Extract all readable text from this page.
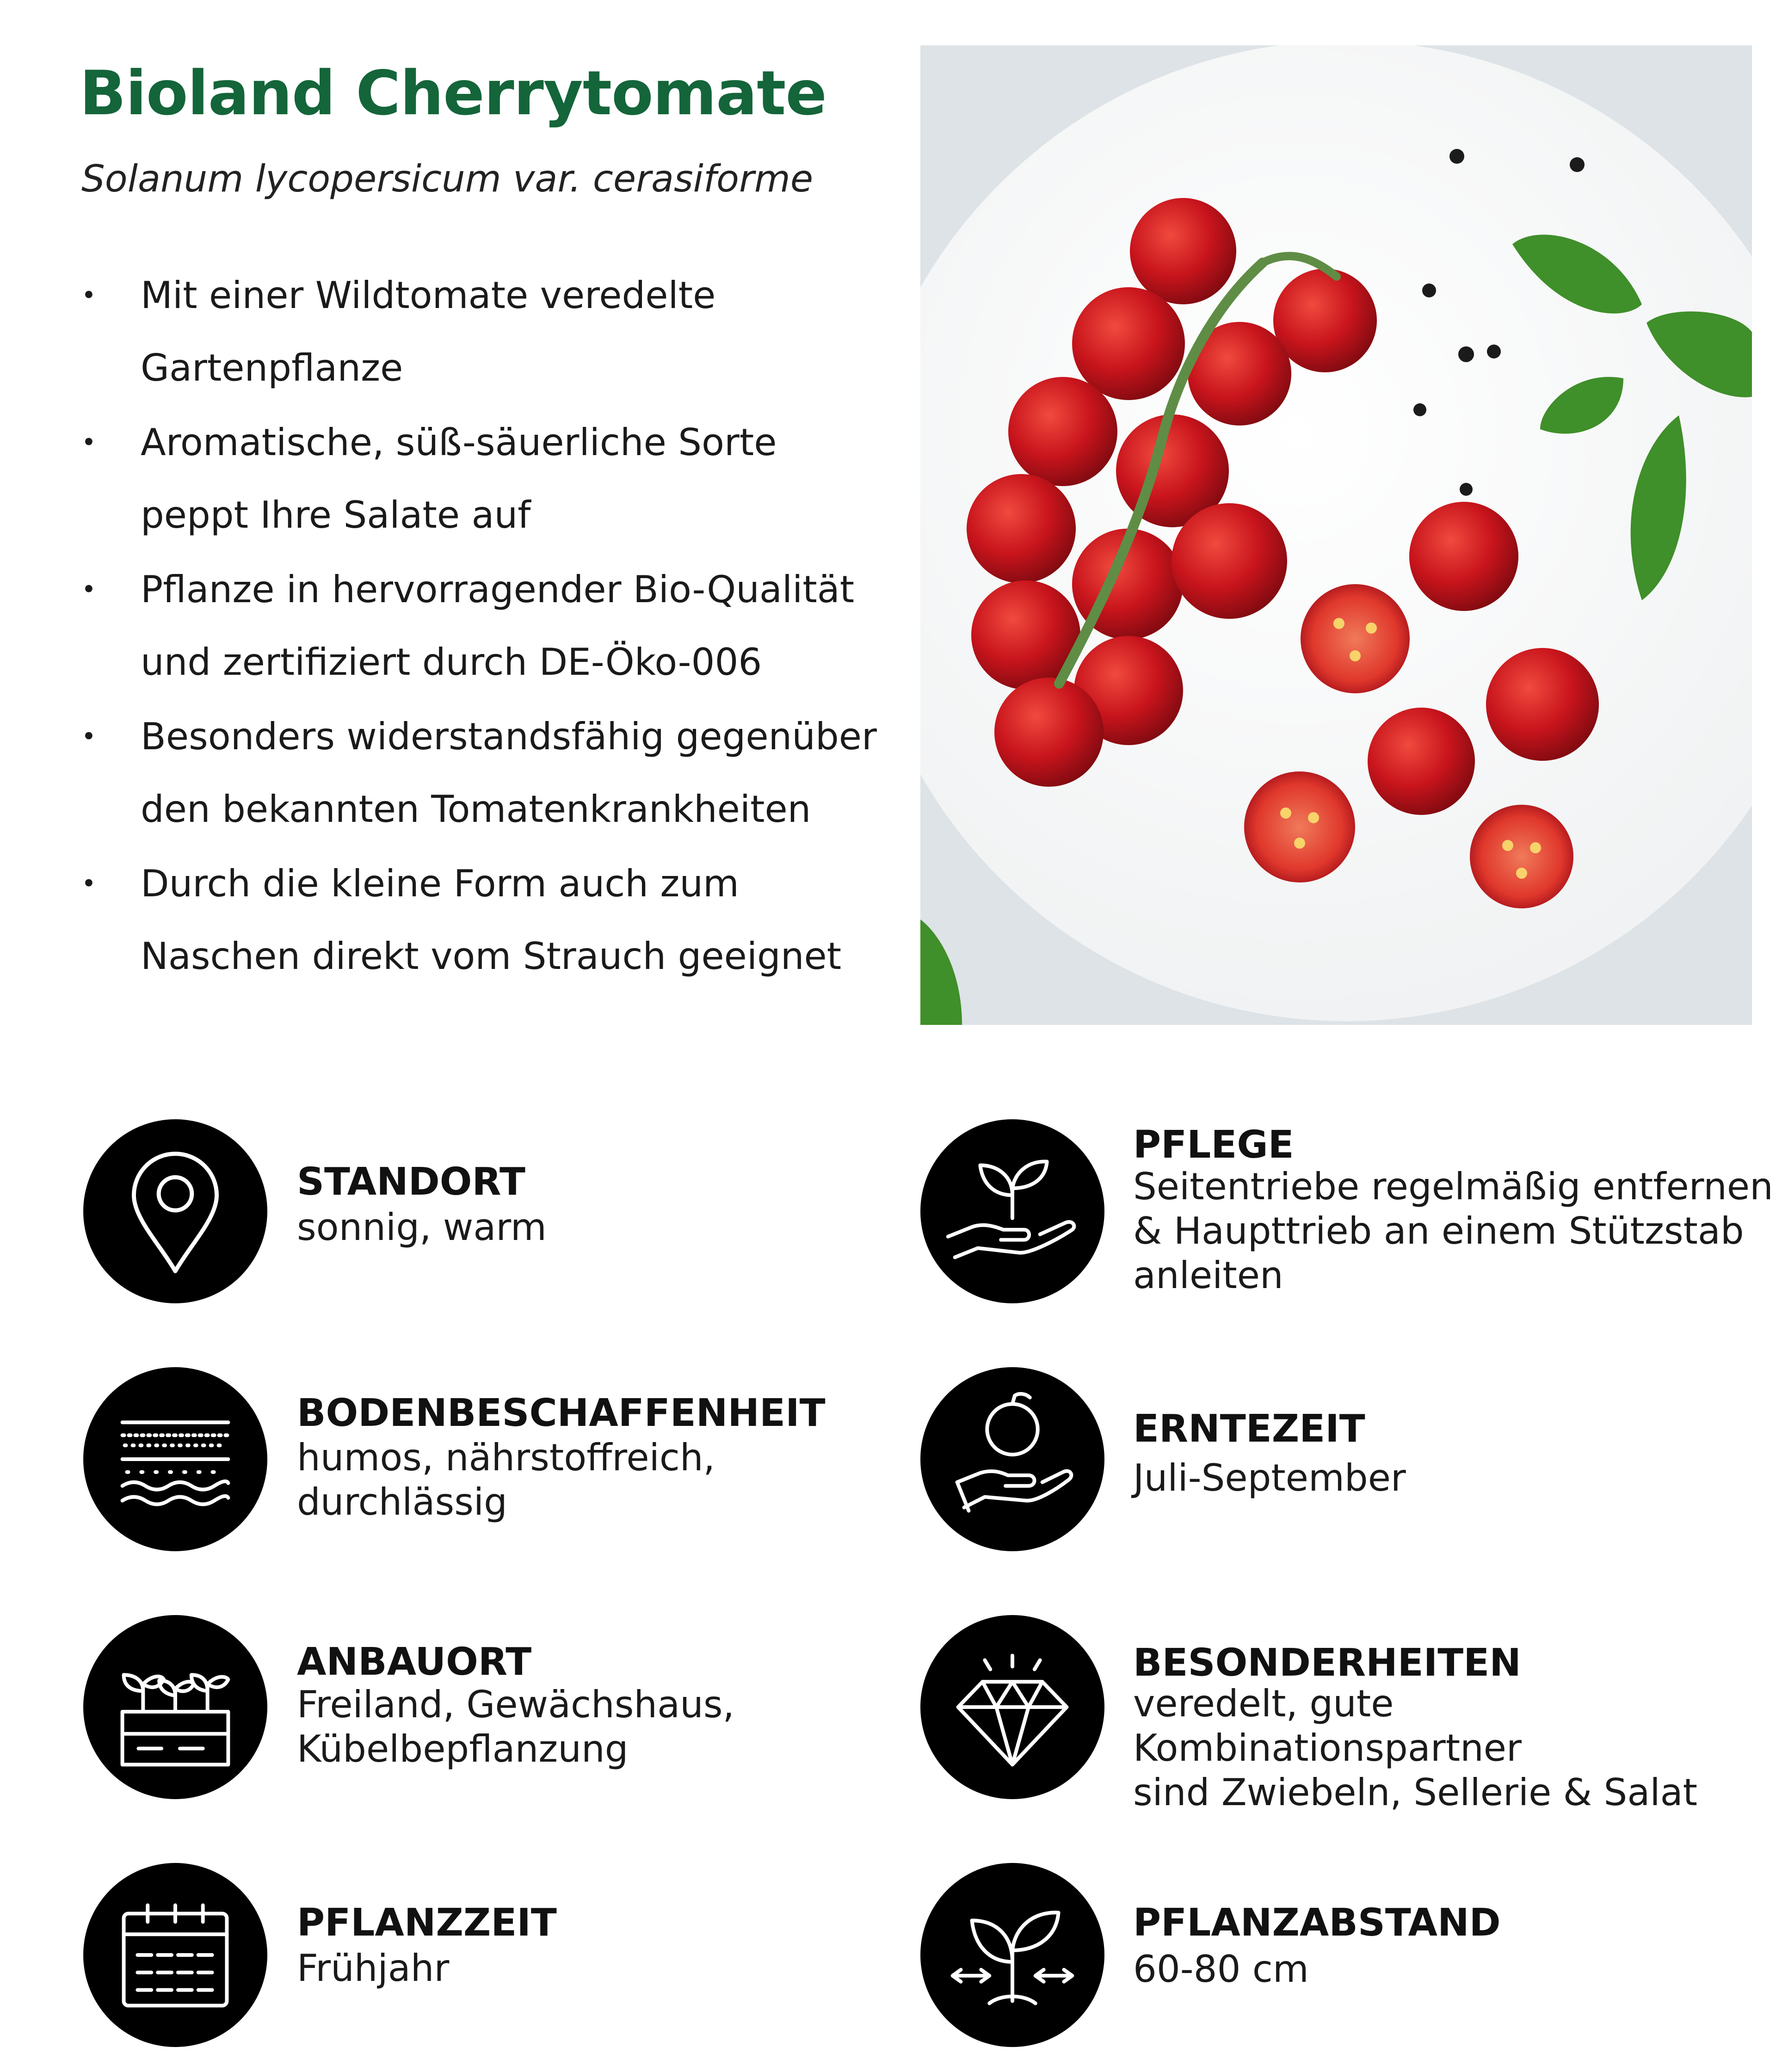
Bioland Cherrytomate

Solanum lycopersicum var. cerasiforme

• Mit einer Wildtomate veredelte
Gartenpflanze
• Aromatische, süß-säuerliche Sorte
peppt Ihre Salate auf
• Pflanze in hervorragender Bio-Qualität
und zertifiziert durch DE-Öko-006
• Besonders widerstandsfähig gegenüber
den bekannten Tomatenkrankheiten
• Durch die kleine Form auch zum
Naschen direkt vom Strauch geeignet
STANDORT
sonnig, warm
BODENBESCHAFFENHEIT
humos, nährstoffreich,
durchlässig
ANBAUORT
Freiland, Gewächshaus,
Kübelbepflanzung
PFLANZZEIT
Frühjahr
PFLEGE
Seitentriebe regelmäßig entfernen
& Haupttrieb an einem Stützstab
anleiten
ERNTEZEIT
Juli-September
BESONDERHEITEN
veredelt, gute Kombinationspartner
sind Zwiebeln, Sellerie & Salat
PFLANZABSTAND
60-80 cm
